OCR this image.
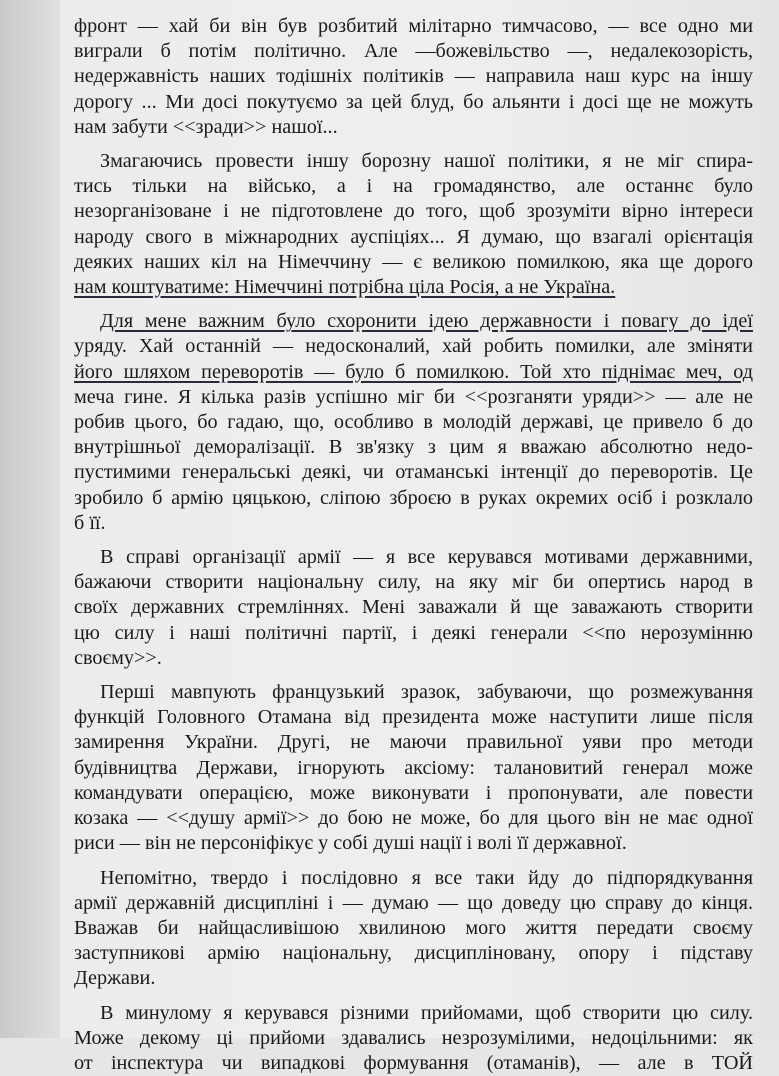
фронт — хай би він був розбитий мілітарно тимчасово, — все одно ми
виграли б потім політично. Але —божевільство —, недалекозорість,
недержавність наших тодішніх політиків — направила наш курс на іншу
дорогу ... Ми досі покутуємо за цей блуд, бо альянти і досі ще не можуть
нам забути <<зради>> нашої...
Змагаючись провести іншу борозну нашої політики, я не міг спира-
тись тільки на військо, а і на громадянство, але останнє було
незорганізоване і не підготовлене до того, щоб зрозуміти вірно інтереси
народу свого в міжнародних ауспіціях... Я думаю, що взагалі орієнтація
деяких наших кіл на Німеччину — є великою помилкою, яка ще дорого
нам коштуватиме: Німеччині потрібна ціла Росія, а не Україна.
Для мене важним було схоронити ідею державности і повагу до ідеї
уряду. Хай останній — недосконалий, хай робить помилки, але зміняти
його шляхом переворотів — було б помилкою. Той хто піднімає меч, од
меча гине. Я кілька разів успішно міг би <<розганяти уряди>> — але не
робив цього, бо гадаю, що, особливо в молодій державі, це привело б до
внутрішньої деморалізації. В зв'язку з цим я вважаю абсолютно недо-
пустимими генеральські деякі, чи отаманські інтенції до переворотів. Це
зробило б армію цяцькою, сліпою зброєю в руках окремих осіб і розклало
б її.
В справі організації армії — я все керувався мотивами державними,
бажаючи створити національну силу, на яку міг би опертись народ в
своїх державних стремліннях. Мені заважали й ще заважають створити
цю силу і наші політичні партії, і деякі генерали <<по нерозумінню
своєму>>.
Перші мавпують французький зразок, забуваючи, що розмежування
функцій Головного Отамана від президента може наступити лише після
замирення України. Другі, не маючи правильної уяви про методи
будівництва Держави, ігнорують аксіому: талановитий генерал може
командувати операцією, може виконувати і пропонувати, але повести
козака — <<душу армії>> до бою не може, бо для цього він не має одної
риси — він не персоніфікує у собі душі нації і волі її державної.
Непомітно, твердо і послідовно я все таки йду до підпорядкування
армії державній дисципліні і — думаю — що доведу цю справу до кінця.
Вважав би найщасливішою хвилиною мого життя передати своєму
заступникові армію національну, дисципліновану, опору і підставу
Держави.
В минулому я керувався різними прийомами, щоб створити цю силу.
Може декому ці прийоми здавались незрозумілими, недоцільними: як
от інспектура чи випадкові формування (отаманів), — але в ТОЙ
